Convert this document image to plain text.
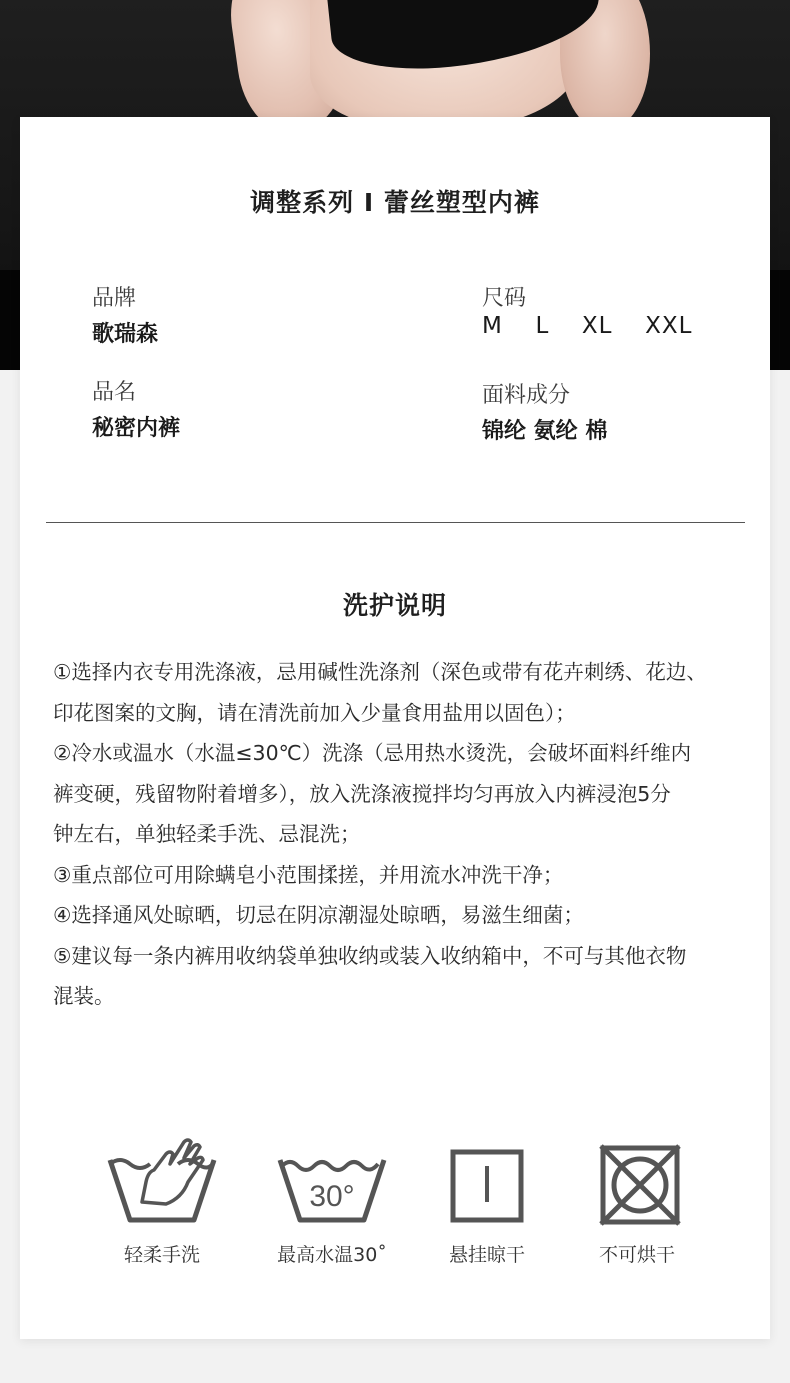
调整系列 I 蕾丝塑型内裤
品牌
歌瑞森
尺码
M  L  XL  XXL
品名
秘密内裤
面料成分
锦纶 氨纶 棉
洗护说明

①选择内衣专用洗涤液，忌用碱性洗涤剂（深色或带有花卉刺绣、花边、

印花图案的文胸，请在清洗前加入少量食用盐用以固色）；

②冷水或温水（水温≤30℃）洗涤（忌用热水烫洗，会破坏面料纤维内

裤变硬，残留物附着增多），放入洗涤液搅拌均匀再放入内裤浸泡5分

钟左右，单独轻柔手洗、忌混洗；

③重点部位可用除螨皂小范围揉搓，并用流水冲洗干净；

④选择通风处晾晒，切忌在阴凉潮湿处晾晒，易滋生细菌；

⑤建议每一条内裤用收纳袋单独收纳或装入收纳箱中，不可与其他衣物

混装。

轻柔手洗
30°
最高水温30˚	悬挂晾干	不可烘干
